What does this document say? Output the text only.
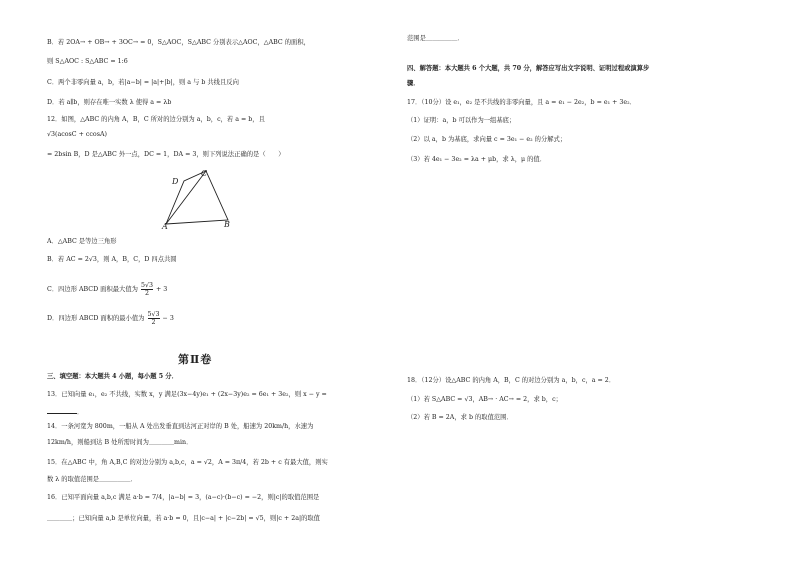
B．若 2OA→ + OB→ + 3OC→ = 0，S△AOC，S△ABC 分别表示△AOC，△ABC 的面积，
则 S△AOC : S△ABC = 1:6
C．两个非零向量 a，b，若|a−b| = |a|+|b|，则 a 与 b 共线且反向
D．若 a∥b，则存在唯一实数 λ 使得 a = λb
12．如图，△ABC 的内角 A，B，C 所对的边分别为 a，b，c，若 a = b，且
√3(acosC + ccosA)
= 2bsin B，D 是△ABC 外一点，DC = 1，DA = 3，则下列说法正确的是（　　）
D
C
A	B
A．△ABC 是等边三角形
B．若 AC = 2√3，则 A，B，C，D 四点共圆
C．四边形 ABCD 面积最大值为 $\frac{5√3}{2} + 3$
D．四边形 ABCD 面积的最小值为 $\frac{5√3}{2} - 3$
第Ⅱ卷
三、填空题：本大题共 4 小题，每小题 5 分．
13．已知向量 e₁，e₂ 不共线，实数 x，y 满足(3x−4y)e₁ + (2x−3y)e₂ = 6e₁ + 3e₂，则 x − y =
．
14．一条河宽为 800m，一船从 A 处出发垂直到达河正对岸的 B 处，船速为 20km/h，水速为
12km/h，则船到达 B 处所需时间为＿＿＿＿min．
15．在△ABC 中，角 A,B,C 的对边分别为 a,b,c，a = √2，A = 3π/4，若 2b + c 有最大值，则实
数 λ 的取值范围是＿＿＿＿＿．
16．已知平面向量 a,b,c 满足 a·b = 7/4，|a−b| = 3，(a−c)·(b−c) = −2，则|c|的取值范围是
＿＿＿＿；已知向量 a,b 是单位向量，若 a·b = 0，且|c−a| + |c−2b| = √5，则|c + 2a|的取值
范围是＿＿＿＿＿．
四、解答题：本大题共 6 个大题，共 70 分，解答应写出文字说明、证明过程或演算步
骤．
17．（10分）设 e₁，e₂ 是不共线的非零向量，且 a = e₁ − 2e₂，b = e₁ + 3e₂．
（1）证明：a，b 可以作为一组基底；
（2）以 a，b 为基底，求向量 c = 3e₁ − e₂ 的分解式；
（3）若 4e₁ − 3e₂ = λa + μb，求 λ，μ 的值．
18．（12分）设△ABC 的内角 A，B，C 的对边分别为 a，b，c，a = 2．
（1）若 S△ABC = √3，AB→ · AC→ = 2，求 b，c；
（2）若 B = 2A，求 b 的取值范围．
